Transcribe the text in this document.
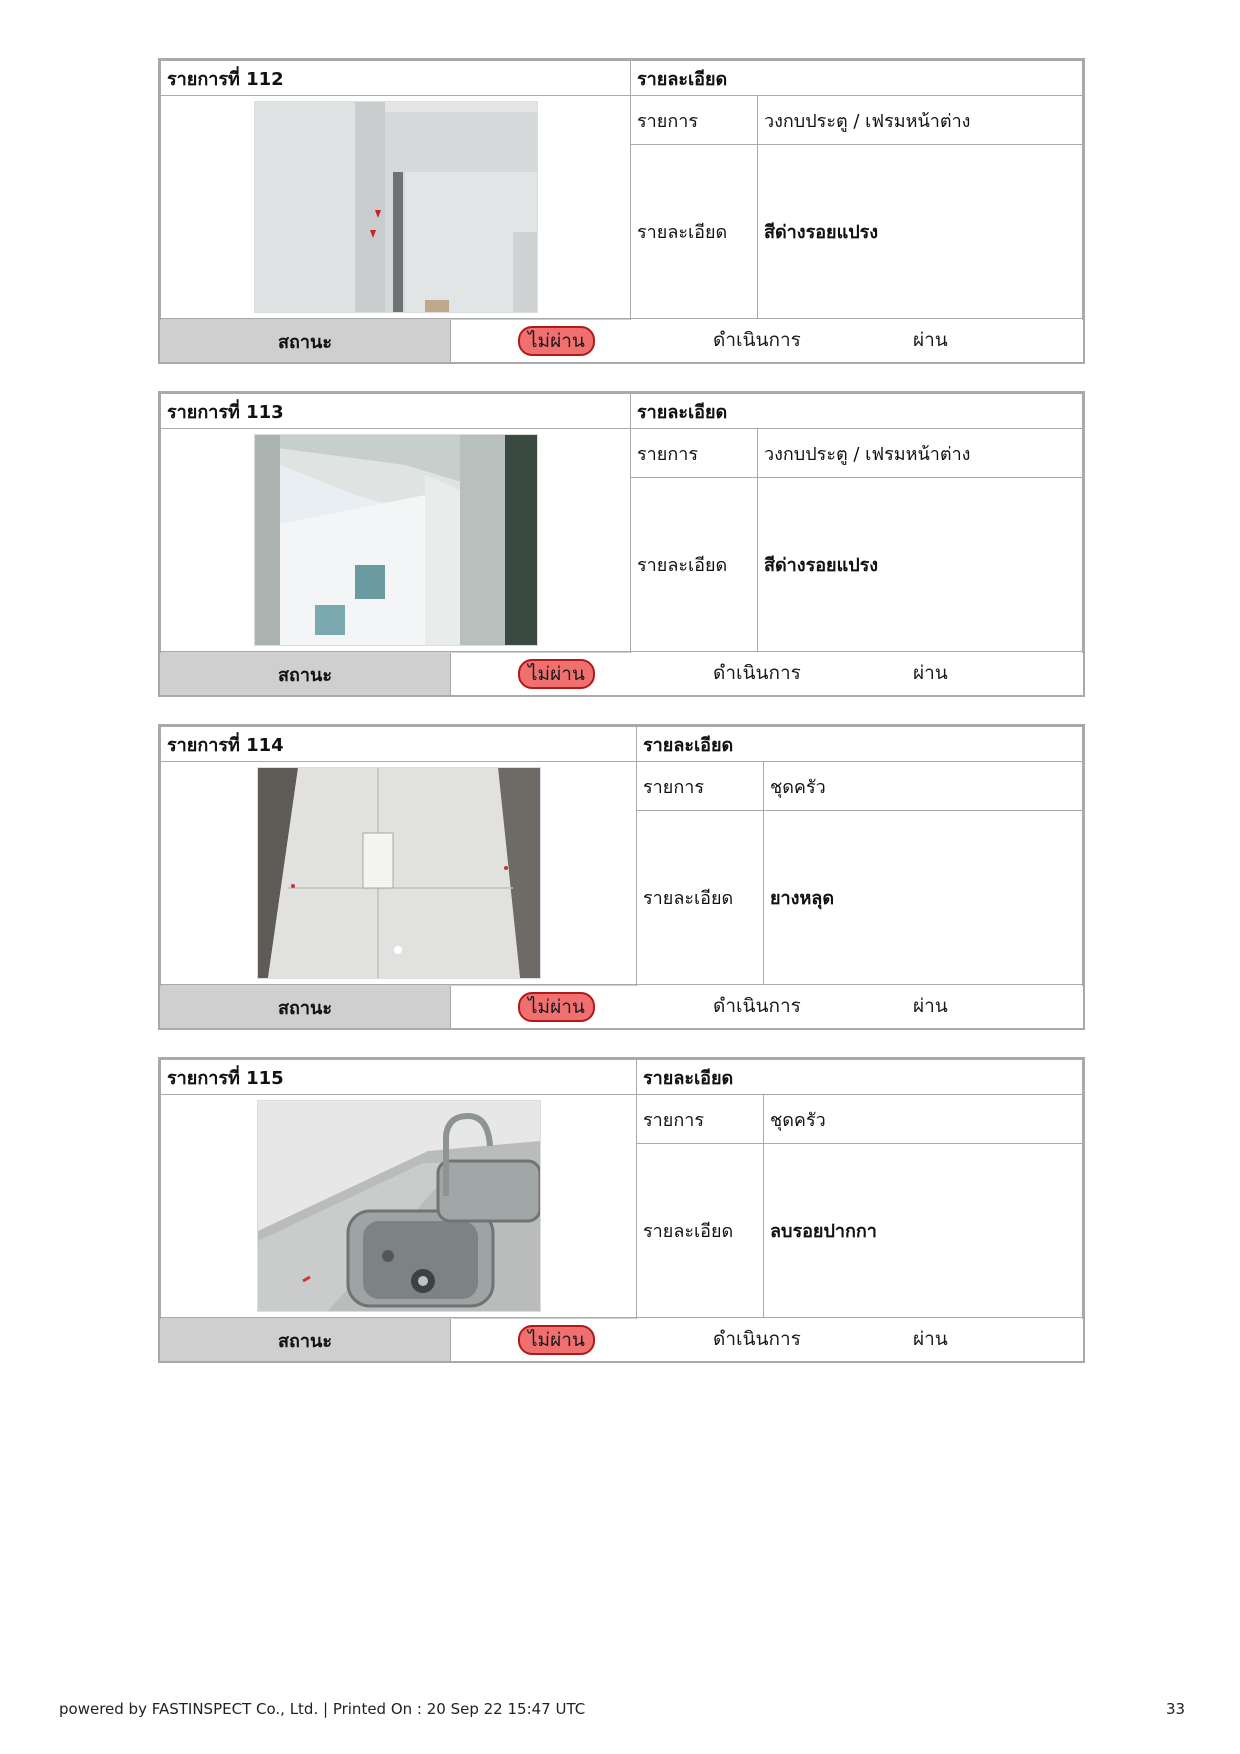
รายการที่ 112	รายละเอียด	

	รายการ	วงกบประตู / เฟรมหน้าต่าง
	รายละเอียด	สีด่างรอยแปรง

รายการที่ 113	รายละเอียด	

	รายการ	วงกบประตู / เฟรมหน้าต่าง
	รายละเอียด	สีด่างรอยแปรง

รายการที่ 114	รายละเอียด	

	รายการ	ชุดครัว
	รายละเอียด	ยางหลุด

รายการที่ 115	รายละเอียด	

	รายการ	ชุดครัว
	รายละเอียด	ลบรอยปากกา

powered by FASTINSPECT Co., Ltd. | Printed On : 20 Sep 22 15:47 UTC	33
สถานะ	ไม่ผ่าน	ดำเนินการ	ผ่าน
สถานะ	ไม่ผ่าน	ดำเนินการ	ผ่าน
สถานะ	ไม่ผ่าน	ดำเนินการ	ผ่าน
สถานะ	ไม่ผ่าน	ดำเนินการ	ผ่าน
